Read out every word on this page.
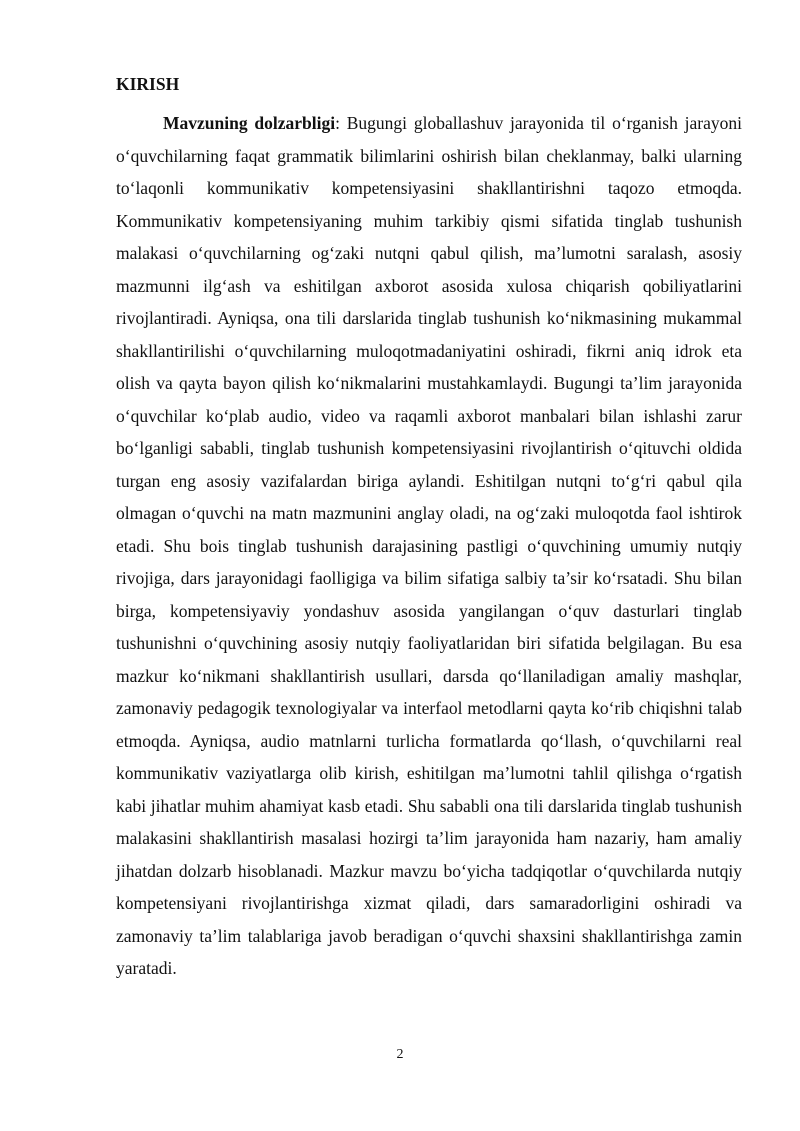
KIRISH

Mavzuning dolzarbligi: Bugungi globallashuv jarayonida til o‘rganish jarayoni o‘quvchilarning faqat grammatik bilimlarini oshirish bilan cheklanmay, balki ularning to‘laqonli kommunikativ kompetensiyasini shakllantirishni taqozo etmoqda. Kommunikativ kompetensiyaning muhim tarkibiy qismi sifatida tinglab tushunish malakasi o‘quvchilarning og‘zaki nutqni qabul qilish, ma’lumotni saralash, asosiy mazmunni ilg‘ash va eshitilgan axborot asosida xulosa chiqarish qobiliyatlarini rivojlantiradi. Ayniqsa, ona tili darslarida tinglab tushunish ko‘nikmasining mukammal shakllantirilishi o‘quvchilarning muloqotmadaniyatini oshiradi, fikrni aniq idrok eta olish va qayta bayon qilish ko‘nikmalarini mustahkamlaydi. Bugungi ta’lim jarayonida o‘quvchilar ko‘plab audio, video va raqamli axborot manbalari bilan ishlashi zarur bo‘lganligi sababli, tinglab tushunish kompetensiyasini rivojlantirish o‘qituvchi oldida turgan eng asosiy vazifalardan biriga aylandi. Eshitilgan nutqni to‘g‘ri qabul qila olmagan o‘quvchi na matn mazmunini anglay oladi, na og‘zaki muloqotda faol ishtirok etadi. Shu bois tinglab tushunish darajasining pastligi o‘quvchining umumiy nutqiy rivojiga, dars jarayonidagi faolligiga va bilim sifatiga salbiy ta’sir ko‘rsatadi. Shu bilan birga, kompetensiyaviy yondashuv asosida yangilangan o‘quv dasturlari tinglab tushunishni o‘quvchining asosiy nutqiy faoliyatlaridan biri sifatida belgilagan. Bu esa mazkur ko‘nikmani shakllantirish usullari, darsda qo‘llaniladigan amaliy mashqlar, zamonaviy pedagogik texnologiyalar va interfaol metodlarni qayta ko‘rib chiqishni talab etmoqda. Ayniqsa, audio matnlarni turlicha formatlarda qo‘llash, o‘quvchilarni real kommunikativ vaziyatlarga olib kirish, eshitilgan ma’lumotni tahlil qilishga o‘rgatish kabi jihatlar muhim ahamiyat kasb etadi. Shu sababli ona tili darslarida tinglab tushunish malakasini shakllantirish masalasi hozirgi ta’lim jarayonida ham nazariy, ham amaliy jihatdan dolzarb hisoblanadi. Mazkur mavzu bo‘yicha tadqiqotlar o‘quvchilarda nutqiy kompetensiyani rivojlantirishga xizmat qiladi, dars samaradorligini oshiradi va zamonaviy ta’lim talablariga javob beradigan o‘quvchi shaxsini shakllantirishga zamin yaratadi.

2
